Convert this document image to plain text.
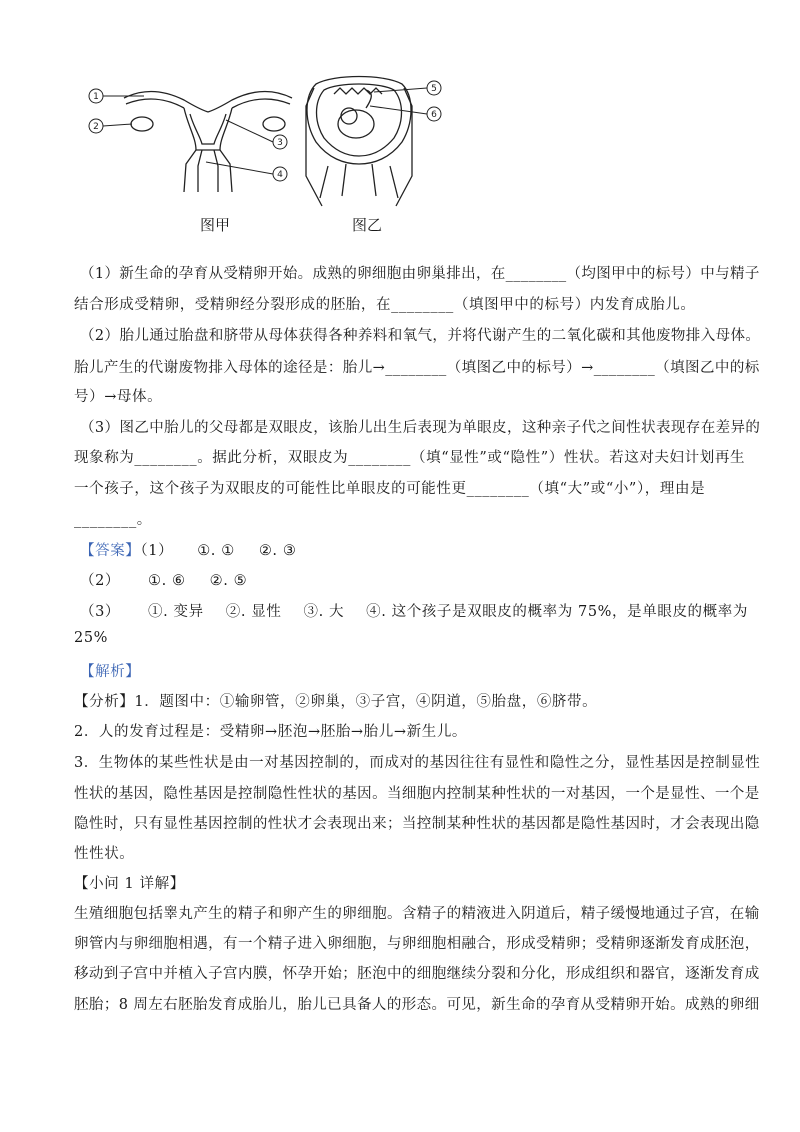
1
2
3
4
5
6
图甲	图乙
（1）新生命的孕育从受精卵开始。成熟的卵细胞由卵巢排出，在________（均图甲中的标号）中与精子
结合形成受精卵，受精卵经分裂形成的胚胎，在________（填图甲中的标号）内发育成胎儿。
（2）胎儿通过胎盘和脐带从母体获得各种养料和氧气，并将代谢产生的二氧化碳和其他废物排入母体。
胎儿产生的代谢废物排入母体的途径是：胎儿→________（填图乙中的标号）→________（填图乙中的标
号）→母体。
（3）图乙中胎儿的父母都是双眼皮，该胎儿出生后表现为单眼皮，这种亲子代之间性状表现存在差异的
现象称为________。据此分析，双眼皮为________（填“显性”或“隐性”）性状。若这对夫妇计划再生
一个孩子，这个孩子为双眼皮的可能性比单眼皮的可能性更________（填“大”或“小”），理由是
________。
【答案】（1） ①. ① ②. ③
（2） ①. ⑥ ②. ⑤
（3） ①. 变异 ②. 显性 ③. 大 ④. 这个孩子是双眼皮的概率为 75%，是单眼皮的概率为
25%
【解析】
【分析】1．题图中：①输卵管，②卵巢，③子宫，④阴道，⑤胎盘，⑥脐带。
2．人的发育过程是：受精卵→胚泡→胚胎→胎儿→新生儿。
3．生物体的某些性状是由一对基因控制的，而成对的基因往往有显性和隐性之分，显性基因是控制显性
性状的基因，隐性基因是控制隐性性状的基因。当细胞内控制某种性状的一对基因，一个是显性、一个是
隐性时，只有显性基因控制的性状才会表现出来；当控制某种性状的基因都是隐性基因时，才会表现出隐
性性状。
【小问 1 详解】
生殖细胞包括睾丸产生的精子和卵产生的卵细胞。含精子的精液进入阴道后，精子缓慢地通过子宫，在输
卵管内与卵细胞相遇，有一个精子进入卵细胞，与卵细胞相融合，形成受精卵；受精卵逐渐发育成胚泡，
移动到子宫中并植入子宫内膜，怀孕开始；胚泡中的细胞继续分裂和分化，形成组织和器官，逐渐发育成
胚胎；8 周左右胚胎发育成胎儿，胎儿已具备人的形态。可见，新生命的孕育从受精卵开始。成熟的卵细
